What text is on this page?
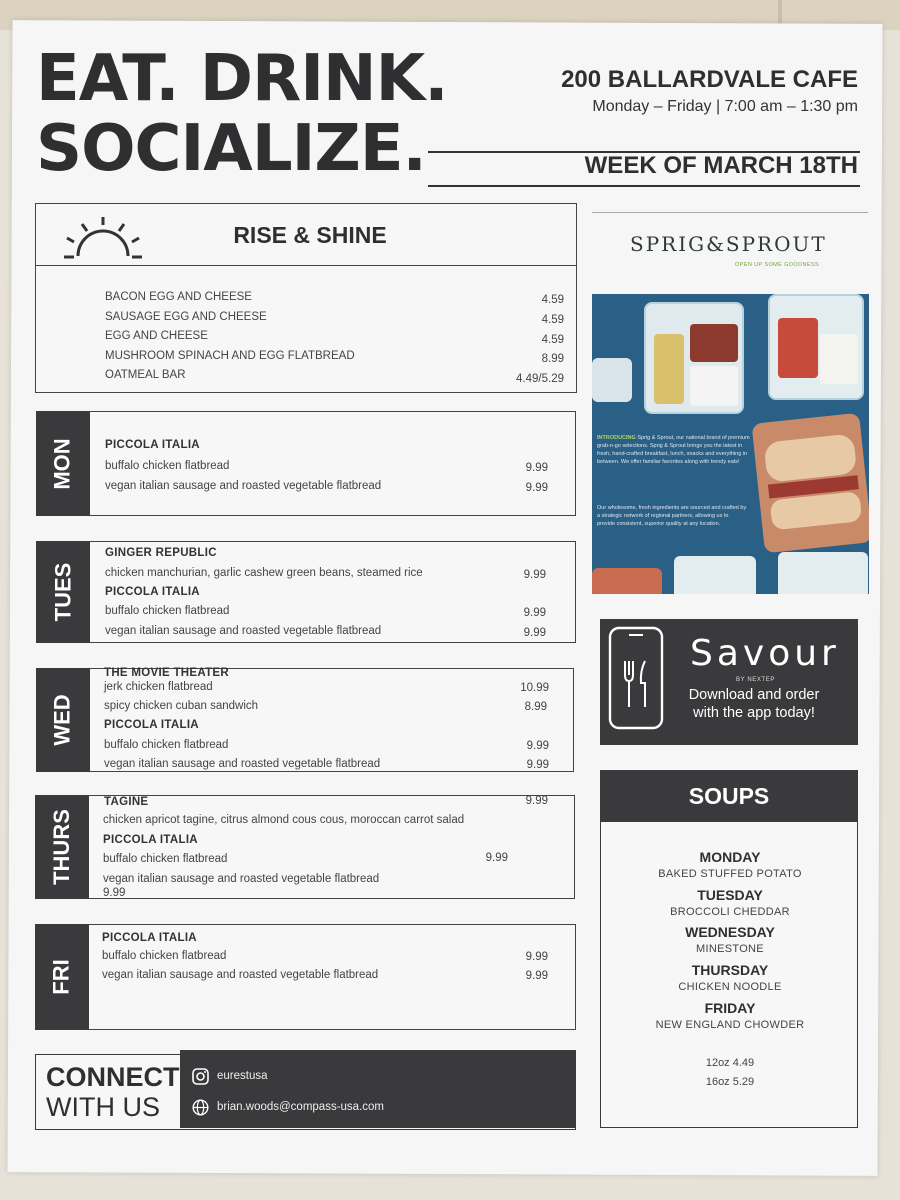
EAT. DRINK.
SOCIALIZE.
200 BALLARDVALE CAFE
Monday – Friday | 7:00 am – 1:30 pm
WEEK OF MARCH 18TH
RISE & SHINE
BACON EGG AND CHEESE	4.59
SAUSAGE EGG AND CHEESE	4.59
EGG AND CHEESE	4.59
MUSHROOM SPINACH AND EGG FLATBREAD	8.99
OATMEAL BAR	4.49/5.29
MON	PICCOLA ITALIA
buffalo chicken flatbread	9.99
vegan italian sausage and roasted vegetable flatbread	9.99
TUES
GINGER REPUBLIC
chicken manchurian, garlic cashew green beans, steamed rice	9.99
PICCOLA ITALIA
buffalo chicken flatbread	9.99
vegan italian sausage and roasted vegetable flatbread	9.99
WED
THE MOVIE THEATER
jerk chicken flatbread	10.99
spicy chicken cuban sandwich	8.99
PICCOLA ITALIA
buffalo chicken flatbread	9.99
vegan italian sausage and roasted vegetable flatbread	9.99
THURS
TAGINE	9.99
chicken apricot tagine, citrus almond cous cous, moroccan carrot salad
PICCOLA ITALIA
buffalo chicken flatbread	9.99
vegan italian sausage and roasted vegetable flatbread
9.99
FRI
PICCOLA ITALIA
buffalo chicken flatbread	9.99
vegan italian sausage and roasted vegetable flatbread	9.99
CONNECT
WITH US
eurestusa
brian.woods@compass-usa.com
SPRIG&SPROUT
OPEN UP SOME GOODNESS
INTRODUCING Sprig & Sprout, our national brand of premium grab-n-go selections. Sprig & Sprout brings you the latest in fresh, hand-crafted breakfast, lunch, snacks and everything in between. We offer familiar favorites along with trendy eats!
Our wholesome, fresh ingredients are sourced and crafted by a strategic network of regional partners, allowing us to provide consistent, superior quality at any location.
Savour
BY NEXTEP
Download and order with the app today!
SOUPS
MONDAY
BAKED STUFFED POTATO
TUESDAY
BROCCOLI CHEDDAR
WEDNESDAY
MINESTONE
THURSDAY
CHICKEN NOODLE
FRIDAY
NEW ENGLAND CHOWDER
12oz 4.49
16oz 5.29
